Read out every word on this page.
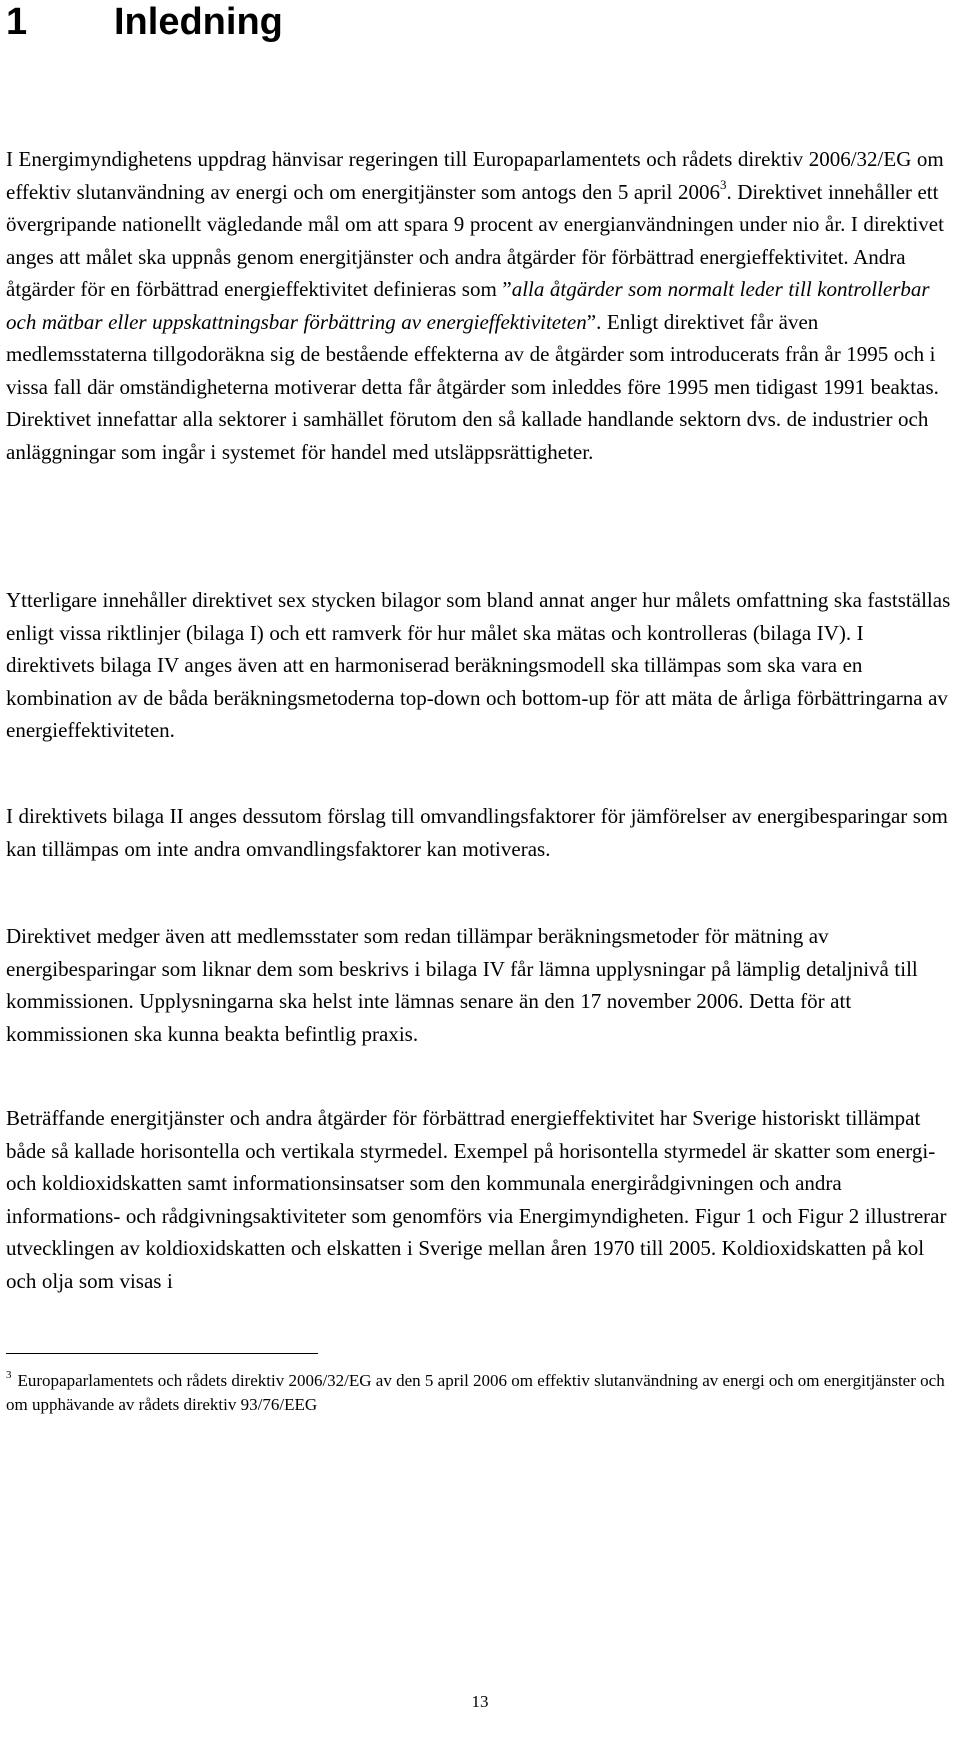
1 Inledning

I Energimyndighetens uppdrag hänvisar regeringen till Europaparlamentets och rådets direktiv 2006/32/EG om effektiv slutanvändning av energi och om energitjänster som antogs den 5 april 2006$^3$. Direktivet innehåller ett övergripande nationellt vägledande mål om att spara 9 procent av energianvändningen under nio år. I direktivet anges att målet ska uppnås genom energitjänster och andra åtgärder för förbättrad energieffektivitet. Andra åtgärder för en förbättrad energieffektivitet definieras som ”alla åtgärder som normalt leder till kontrollerbar och mätbar eller uppskattningsbar förbättring av energieffektiviteten”. Enligt direktivet får även medlemsstaterna tillgodoräkna sig de bestående effekterna av de åtgärder som introducerats från år 1995 och i vissa fall där omständigheterna motiverar detta får åtgärder som inleddes före 1995 men tidigast 1991 beaktas. Direktivet innefattar alla sektorer i samhället förutom den så kallade handlande sektorn dvs. de industrier och anläggningar som ingår i systemet för handel med utsläppsrättigheter.

Ytterligare innehåller direktivet sex stycken bilagor som bland annat anger hur målets omfattning ska fastställas enligt vissa riktlinjer (bilaga I) och ett ramverk för hur målet ska mätas och kontrolleras (bilaga IV). I direktivets bilaga IV anges även att en harmoniserad beräkningsmodell ska tillämpas som ska vara en kombination av de båda beräkningsmetoderna top-down och bottom-up för att mäta de årliga förbättringarna av energieffektiviteten.

I direktivets bilaga II anges dessutom förslag till omvandlingsfaktorer för jämförelser av energibesparingar som kan tillämpas om inte andra omvandlingsfaktorer kan motiveras.

Direktivet medger även att medlemsstater som redan tillämpar beräkningsmetoder för mätning av energibesparingar som liknar dem som beskrivs i bilaga IV får lämna upplysningar på lämplig detaljnivå till kommissionen. Upplysningarna ska helst inte lämnas senare än den 17 november 2006. Detta för att kommissionen ska kunna beakta befintlig praxis.

Beträffande energitjänster och andra åtgärder för förbättrad energieffektivitet har Sverige historiskt tillämpat både så kallade horisontella och vertikala styrmedel. Exempel på horisontella styrmedel är skatter som energi- och koldioxidskatten samt informationsinsatser som den kommunala energirådgivningen och andra informations- och rådgivningsaktiviteter som genomförs via Energimyndigheten. Figur 1 och Figur 2 illustrerar utvecklingen av koldioxidskatten och elskatten i Sverige mellan åren 1970 till 2005. Koldioxidskatten på kol och olja som visas i

$^3$ Europaparlamentets och rådets direktiv 2006/32/EG av den 5 april 2006 om effektiv slutanvändning av energi och om energitjänster och om upphävande av rådets direktiv 93/76/EEG

13
